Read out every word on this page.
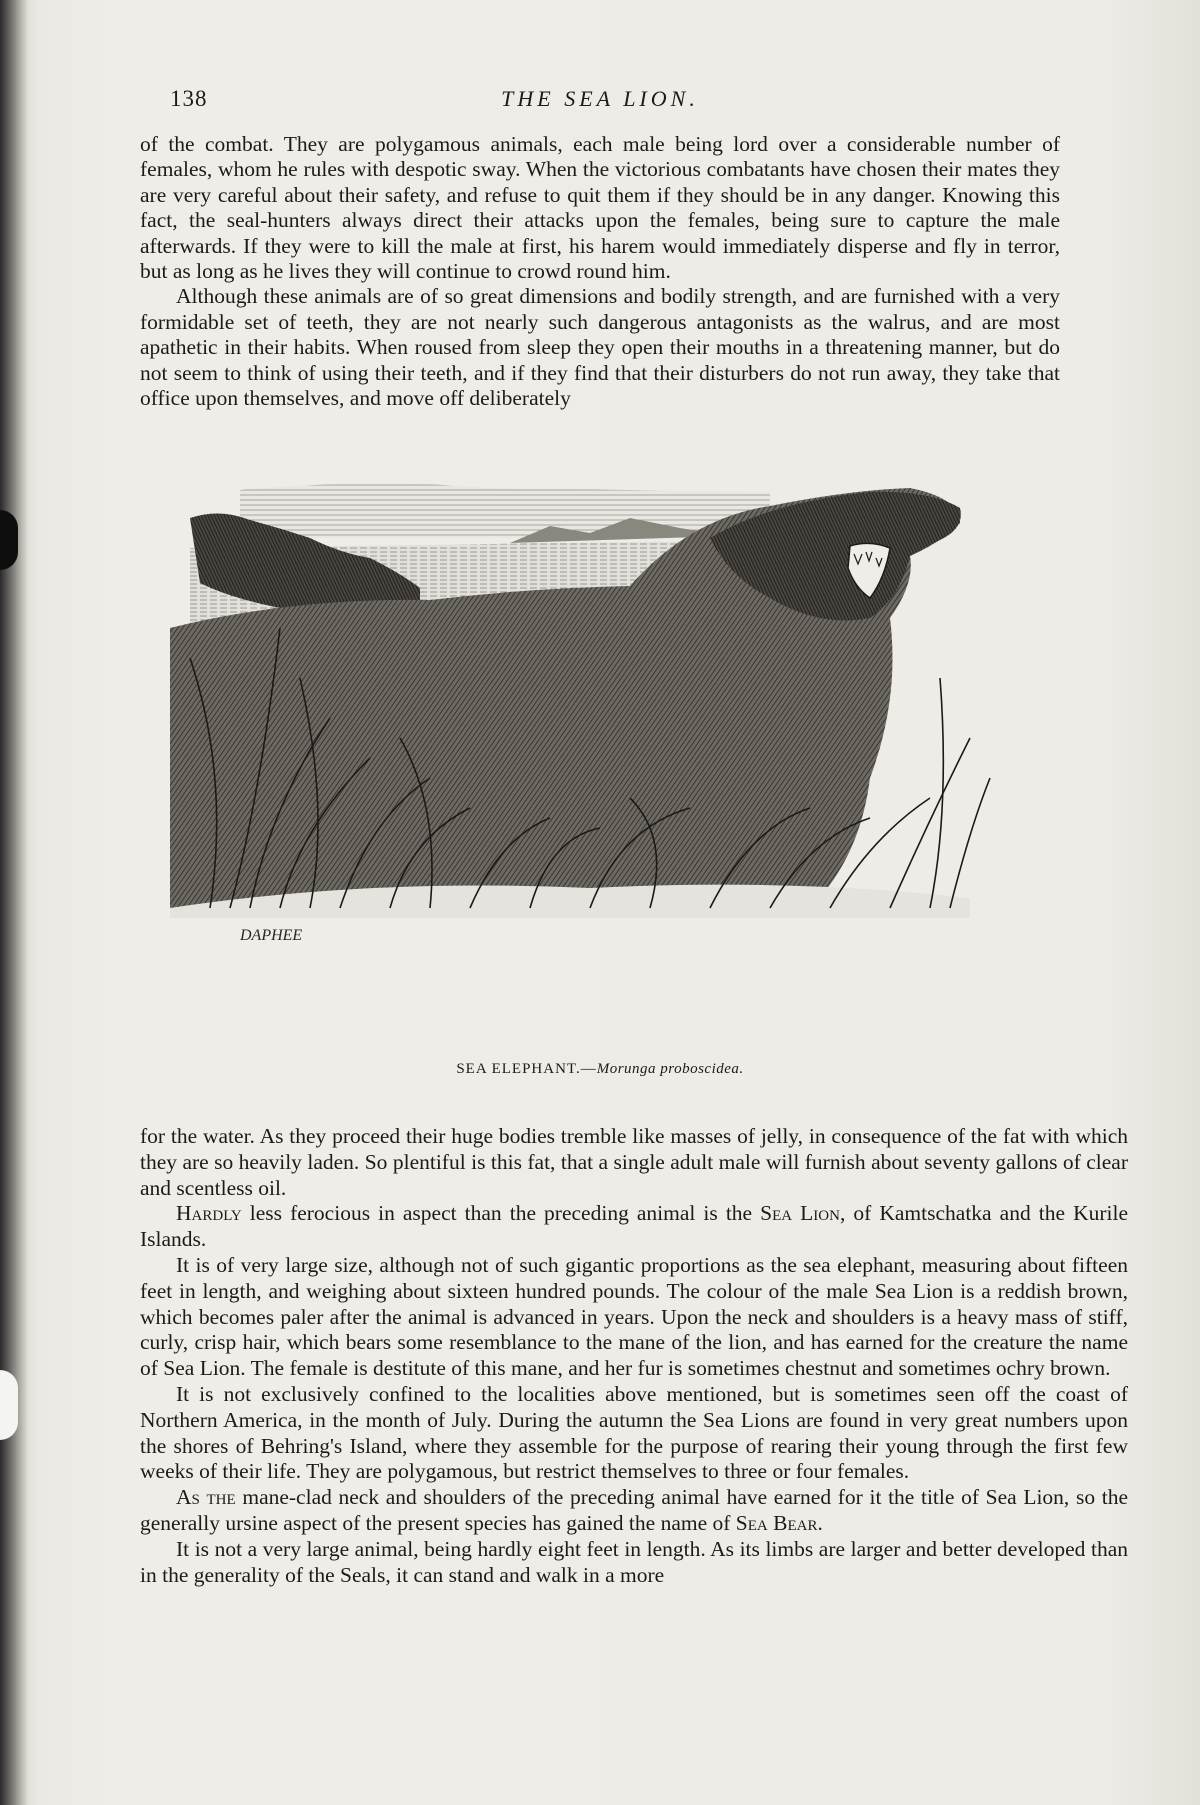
138	THE SEA LION.

of the combat. They are polygamous animals, each male being lord over a considerable number of females, whom he rules with despotic sway. When the victorious combatants have chosen their mates they are very careful about their safety, and refuse to quit them if they should be in any danger. Knowing this fact, the seal-hunters always direct their attacks upon the females, being sure to capture the male afterwards. If they were to kill the male at first, his harem would immediately disperse and fly in terror, but as long as he lives they will continue to crowd round him.

Although these animals are of so great dimensions and bodily strength, and are furnished with a very formidable set of teeth, they are not nearly such dangerous antagonists as the walrus, and are most apathetic in their habits. When roused from sleep they open their mouths in a threatening manner, but do not seem to think of using their teeth, and if they find that their disturbers do not run away, they take that office upon themselves, and move off deliberately

DAPHEE
SEA ELEPHANT.—Morunga proboscidea.

for the water. As they proceed their huge bodies tremble like masses of jelly, in consequence of the fat with which they are so heavily laden. So plentiful is this fat, that a single adult male will furnish about seventy gallons of clear and scentless oil.

Hardly less ferocious in aspect than the preceding animal is the Sea Lion, of Kamtschatka and the Kurile Islands.

It is of very large size, although not of such gigantic proportions as the sea elephant, measuring about fifteen feet in length, and weighing about sixteen hundred pounds. The colour of the male Sea Lion is a reddish brown, which becomes paler after the animal is advanced in years. Upon the neck and shoulders is a heavy mass of stiff, curly, crisp hair, which bears some resemblance to the mane of the lion, and has earned for the creature the name of Sea Lion. The female is destitute of this mane, and her fur is sometimes chestnut and sometimes ochry brown.

It is not exclusively confined to the localities above mentioned, but is sometimes seen off the coast of Northern America, in the month of July. During the autumn the Sea Lions are found in very great numbers upon the shores of Behring's Island, where they assemble for the purpose of rearing their young through the first few weeks of their life. They are polygamous, but restrict themselves to three or four females.

As the mane-clad neck and shoulders of the preceding animal have earned for it the title of Sea Lion, so the generally ursine aspect of the present species has gained the name of Sea Bear.

It is not a very large animal, being hardly eight feet in length. As its limbs are larger and better developed than in the generality of the Seals, it can stand and walk in a more
